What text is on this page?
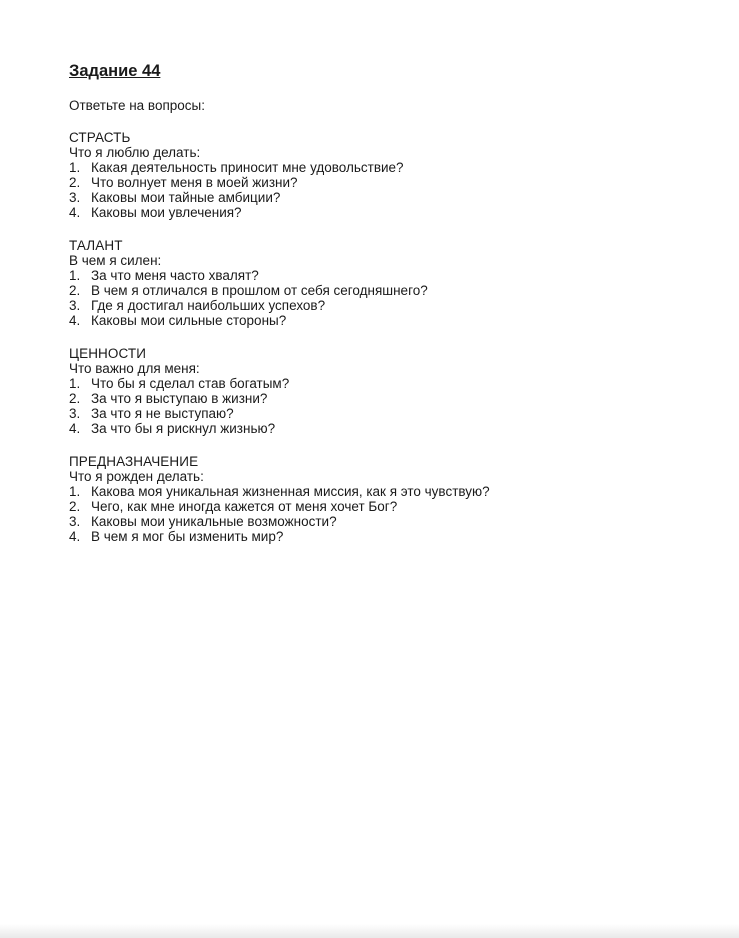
Задание 44

Ответьте на вопросы:

СТРАСТЬ

Что я люблю делать:

1. Какая деятельность приносит мне удовольствие?
2. Что волнует меня в моей жизни?
3. Каковы мои тайные амбиции?
4. Каковы мои увлечения?

ТАЛАНТ

В чем я силен:

1. За что меня часто хвалят?
2. В чем я отличался в прошлом от себя сегодняшнего?
3. Где я достигал наибольших успехов?
4. Каковы мои сильные стороны?

ЦЕННОСТИ

Что важно для меня:

1. Что бы я сделал став богатым?
2. За что я выступаю в жизни?
3. За что я не выступаю?
4. За что бы я рискнул жизнью?

ПРЕДНАЗНАЧЕНИЕ

Что я рожден делать:

1. Какова моя уникальная жизненная миссия, как я это чувствую?
2. Чего, как мне иногда кажется от меня хочет Бог?
3. Каковы мои уникальные возможности?
4. В чем я мог бы изменить мир?
